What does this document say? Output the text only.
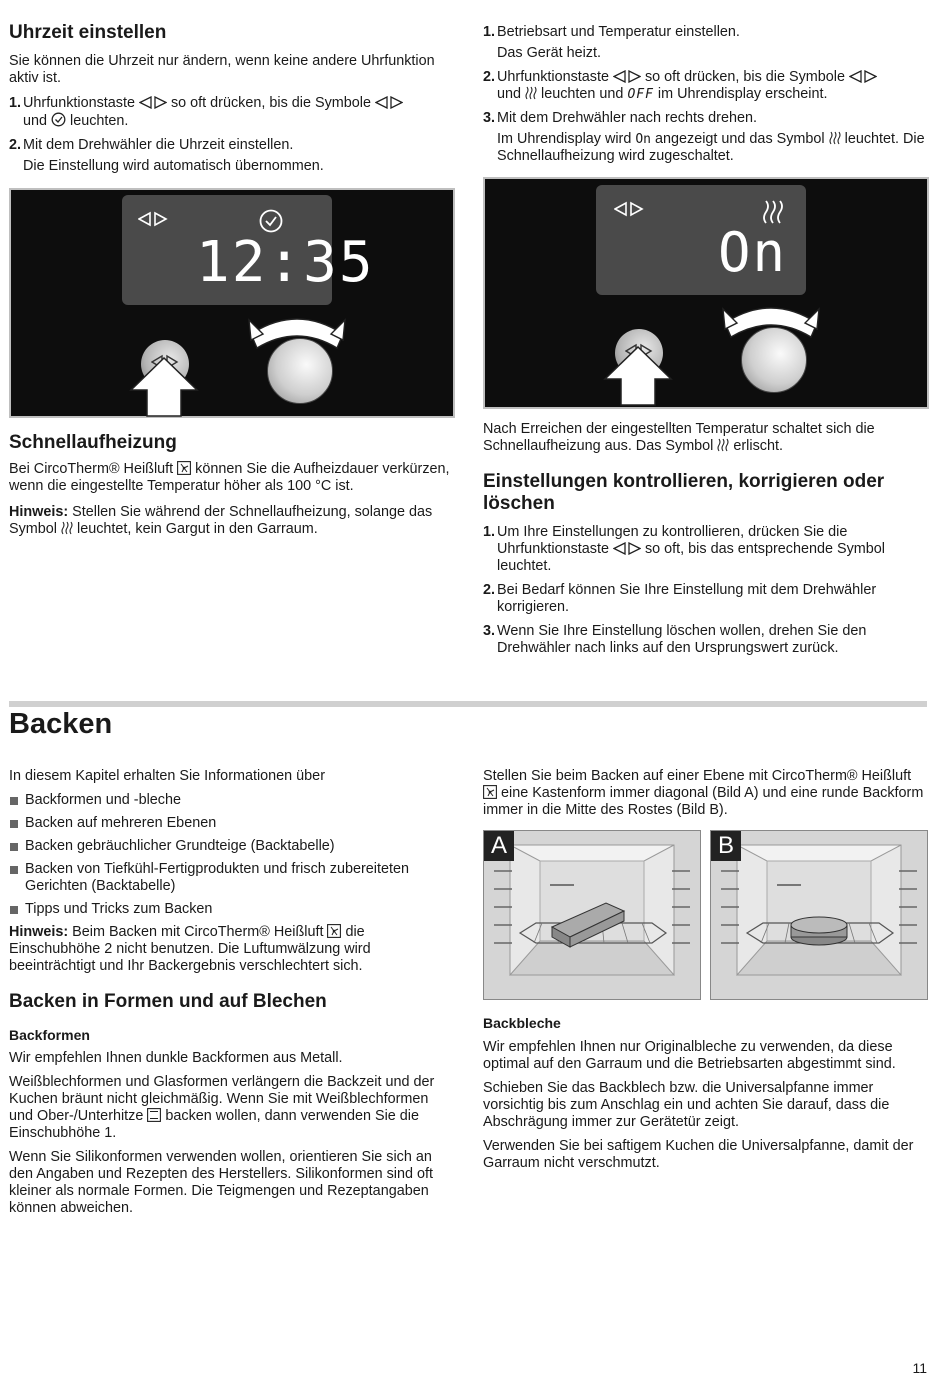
Uhrzeit einstellen

Sie können die Uhrzeit nur ändern, wenn keine andere Uhrfunktion aktiv ist.

1. Uhrfunktionstaste	so oft drücken, bis die Symbole
und leuchten.
2. Mit dem Drehwähler die Uhrzeit einstellen.
Die Einstellung wird automatisch übernommen.
12:35
1. Betriebsart und Temperatur einstellen.
Das Gerät heizt.
2. Uhrfunktionstaste	so oft drücken, bis die Symbole
und leuchten und OFF im Uhrendisplay erscheint.
3. Mit dem Drehwähler nach rechts drehen.
Im Uhrendisplay wird On angezeigt und das Symbol leuchtet. Die Schnellaufheizung wird zugeschaltet.
On
Schnellaufheizung

Bei CircoTherm® Heißluft können Sie die Aufheizdauer verkürzen, wenn die eingestellte Temperatur höher als 100 °C ist.

Hinweis: Stellen Sie während der Schnellaufheizung, solange das Symbol leuchtet, kein Gargut in den Garraum.

Nach Erreichen der eingestellten Temperatur schaltet sich die Schnellaufheizung aus. Das Symbol erlischt.

Einstellungen kontrollieren, korrigieren oder löschen
1. Um Ihre Einstellungen zu kontrollieren, drücken Sie die Uhrfunktionstaste	so oft, bis das entsprechende Symbol leuchtet.
2. Bei Bedarf können Sie Ihre Einstellung mit dem Drehwähler korrigieren.
3. Wenn Sie Ihre Einstellung löschen wollen, drehen Sie den Drehwähler nach links auf den Ursprungswert zurück.
Backen

In diesem Kapitel erhalten Sie Informationen über

Backformen und -bleche
Backen auf mehreren Ebenen
Backen gebräuchlicher Grundteige (Backtabelle)
Backen von Tiefkühl-Fertigprodukten und frisch zubereiteten Gerichten (Backtabelle)
Tipps und Tricks zum Backen

Hinweis: Beim Backen mit CircoTherm® Heißluft die Einschubhöhe 2 nicht benutzen. Die Luftumwälzung wird beeinträchtigt und Ihr Backergebnis verschlechtert sich.

Backen in Formen und auf Blechen
Backformen

Wir empfehlen Ihnen dunkle Backformen aus Metall.

Weißblechformen und Glasformen verlängern die Backzeit und der Kuchen bräunt nicht gleichmäßig. Wenn Sie mit Weißblechformen und Ober-/Unterhitze backen wollen, dann verwenden Sie die Einschubhöhe 1.

Wenn Sie Silikonformen verwenden wollen, orientieren Sie sich an den Angaben und Rezepten des Herstellers. Silikonformen sind oft kleiner als normale Formen. Die Teigmengen und Rezeptangaben können abweichen.

Stellen Sie beim Backen auf einer Ebene mit CircoTherm® Heißluft  eine Kastenform immer diagonal (Bild A) und eine runde Backform immer in die Mitte des Rostes (Bild B).

A	B
Backbleche

Wir empfehlen Ihnen nur Originalbleche zu verwenden, da diese optimal auf den Garraum und die Betriebsarten abgestimmt sind.

Schieben Sie das Backblech bzw. die Universalpfanne immer vorsichtig bis zum Anschlag ein und achten Sie darauf, dass die Abschrägung immer zur Gerätetür zeigt.

Verwenden Sie bei saftigem Kuchen die Universalpfanne, damit der Garraum nicht verschmutzt.

11
